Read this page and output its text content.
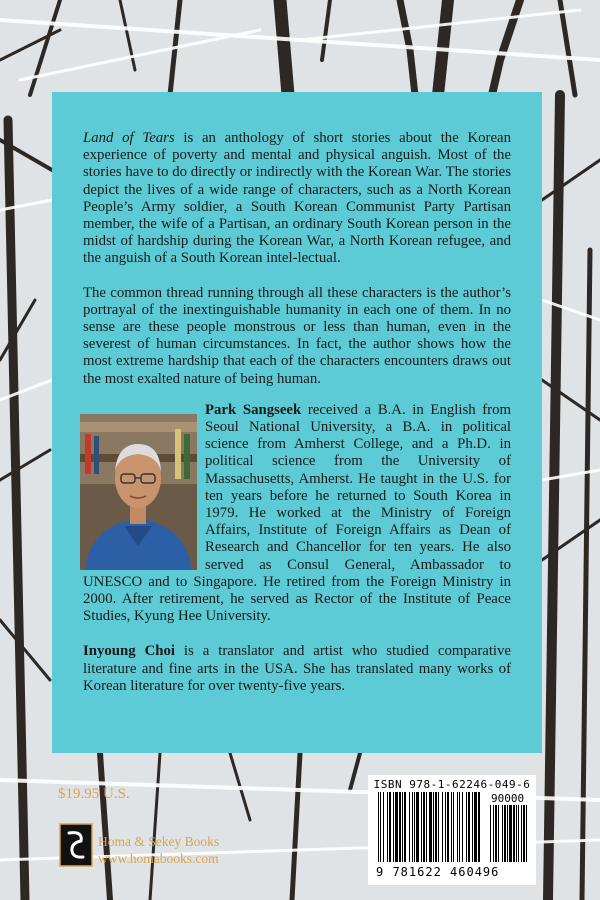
Land of Tears is an anthology of short stories about the Korean experience of poverty and mental and physical anguish. Most of the stories have to do directly or indirectly with the Korean War. The stories depict the lives of a wide range of characters, such as a North Korean People’s Army soldier, a South Korean Communist Party Partisan member, the wife of a Partisan, an ordinary South Korean person in the midst of hardship during the Korean War, a North Korean refugee, and the anguish of a South Korean intel-lectual.

The common thread running through all these characters is the author’s portrayal of the inextinguishable humanity in each one of them. In no sense are these people monstrous or less than human, even in the severest of human circumstances. In fact, the author shows how the most extreme hardship that each of the characters encounters draws out the most exalted nature of being human.

Park Sangseek received a B.A. in English from Seoul National University, a B.A. in political science from Amherst College, and a Ph.D. in political science from the University of Massachusetts, Amherst. He taught in the U.S. for ten years before he returned to South Korea in 1979. He worked at the Ministry of Foreign Affairs, Institute of Foreign Affairs as Dean of Research and Chancellor for ten years. He also served as Consul General, Ambassador to UNESCO and to Singapore. He retired from the Foreign Ministry in 2000. After retirement, he served as Rector of the Institute of Peace Studies, Kyung Hee University.

Inyoung Choi is a translator and artist who studied comparative literature and fine arts in the USA. She has translated many works of Korean literature for over twenty-five years.

$19.95 U.S.
Homa & Sekey Books
www.homabooks.com
ISBN 978-1-62246-049-6
90000
9 781622 460496
